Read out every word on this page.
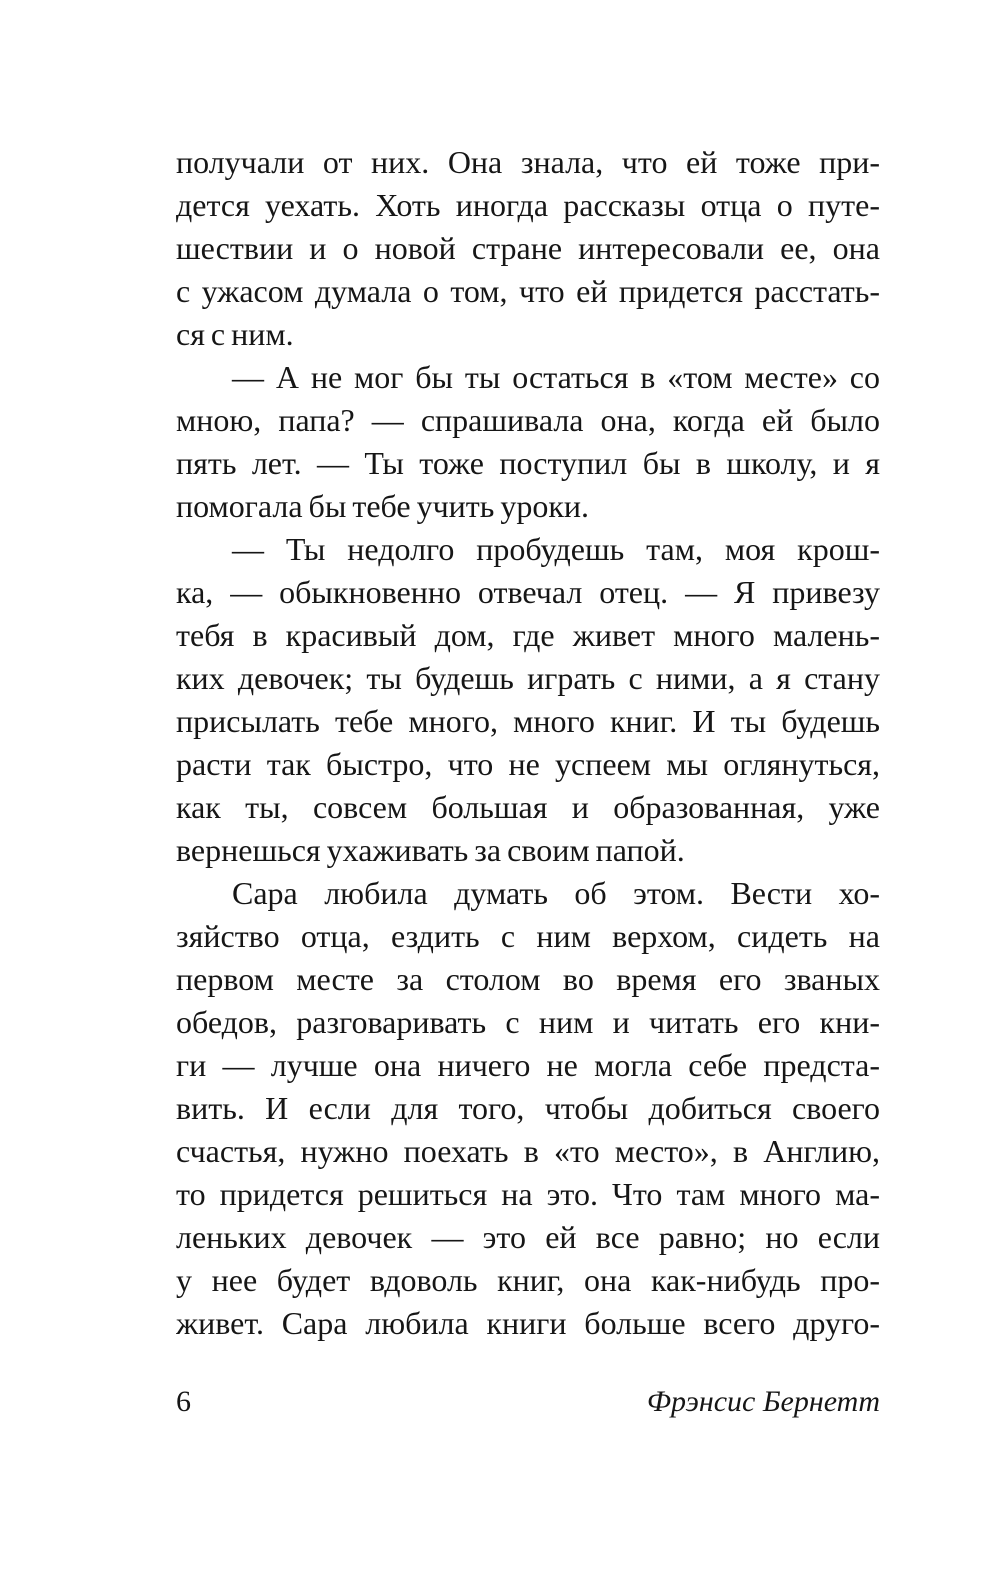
получали от них. Она знала, что ей тоже при-
дется уехать. Хоть иногда рассказы отца о путе-
шествии и о новой стране интересовали ее, она
с ужасом думала о том, что ей придется расстать-
ся с ним.
— А не мог бы ты остаться в «том месте» со
мною, папа? — спрашивала она, когда ей было
пять лет. — Ты тоже поступил бы в школу, и я
помогала бы тебе учить уроки.
— Ты недолго пробудешь там, моя крош-
ка, — обыкновенно отвечал отец. — Я привезу
тебя в красивый дом, где живет много малень-
ких девочек; ты будешь играть с ними, а я стану
присылать тебе много, много книг. И ты будешь
расти так быстро, что не успеем мы оглянуться,
как ты, совсем большая и образованная, уже
вернешься ухаживать за своим папой.
Сара любила думать об этом. Вести хо-
зяйство отца, ездить с ним верхом, сидеть на
первом месте за столом во время его званых
обедов, разговаривать с ним и читать его кни-
ги — лучше она ничего не могла себе предста-
вить. И если для того, чтобы добиться своего
счастья, нужно поехать в «то место», в Англию,
то придется решиться на это. Что там много ма-
леньких девочек — это ей все равно; но если
у нее будет вдоволь книг, она как-нибудь про-
живет. Сара любила книги больше всего друго-
6	Фрэнсис Бернетт
